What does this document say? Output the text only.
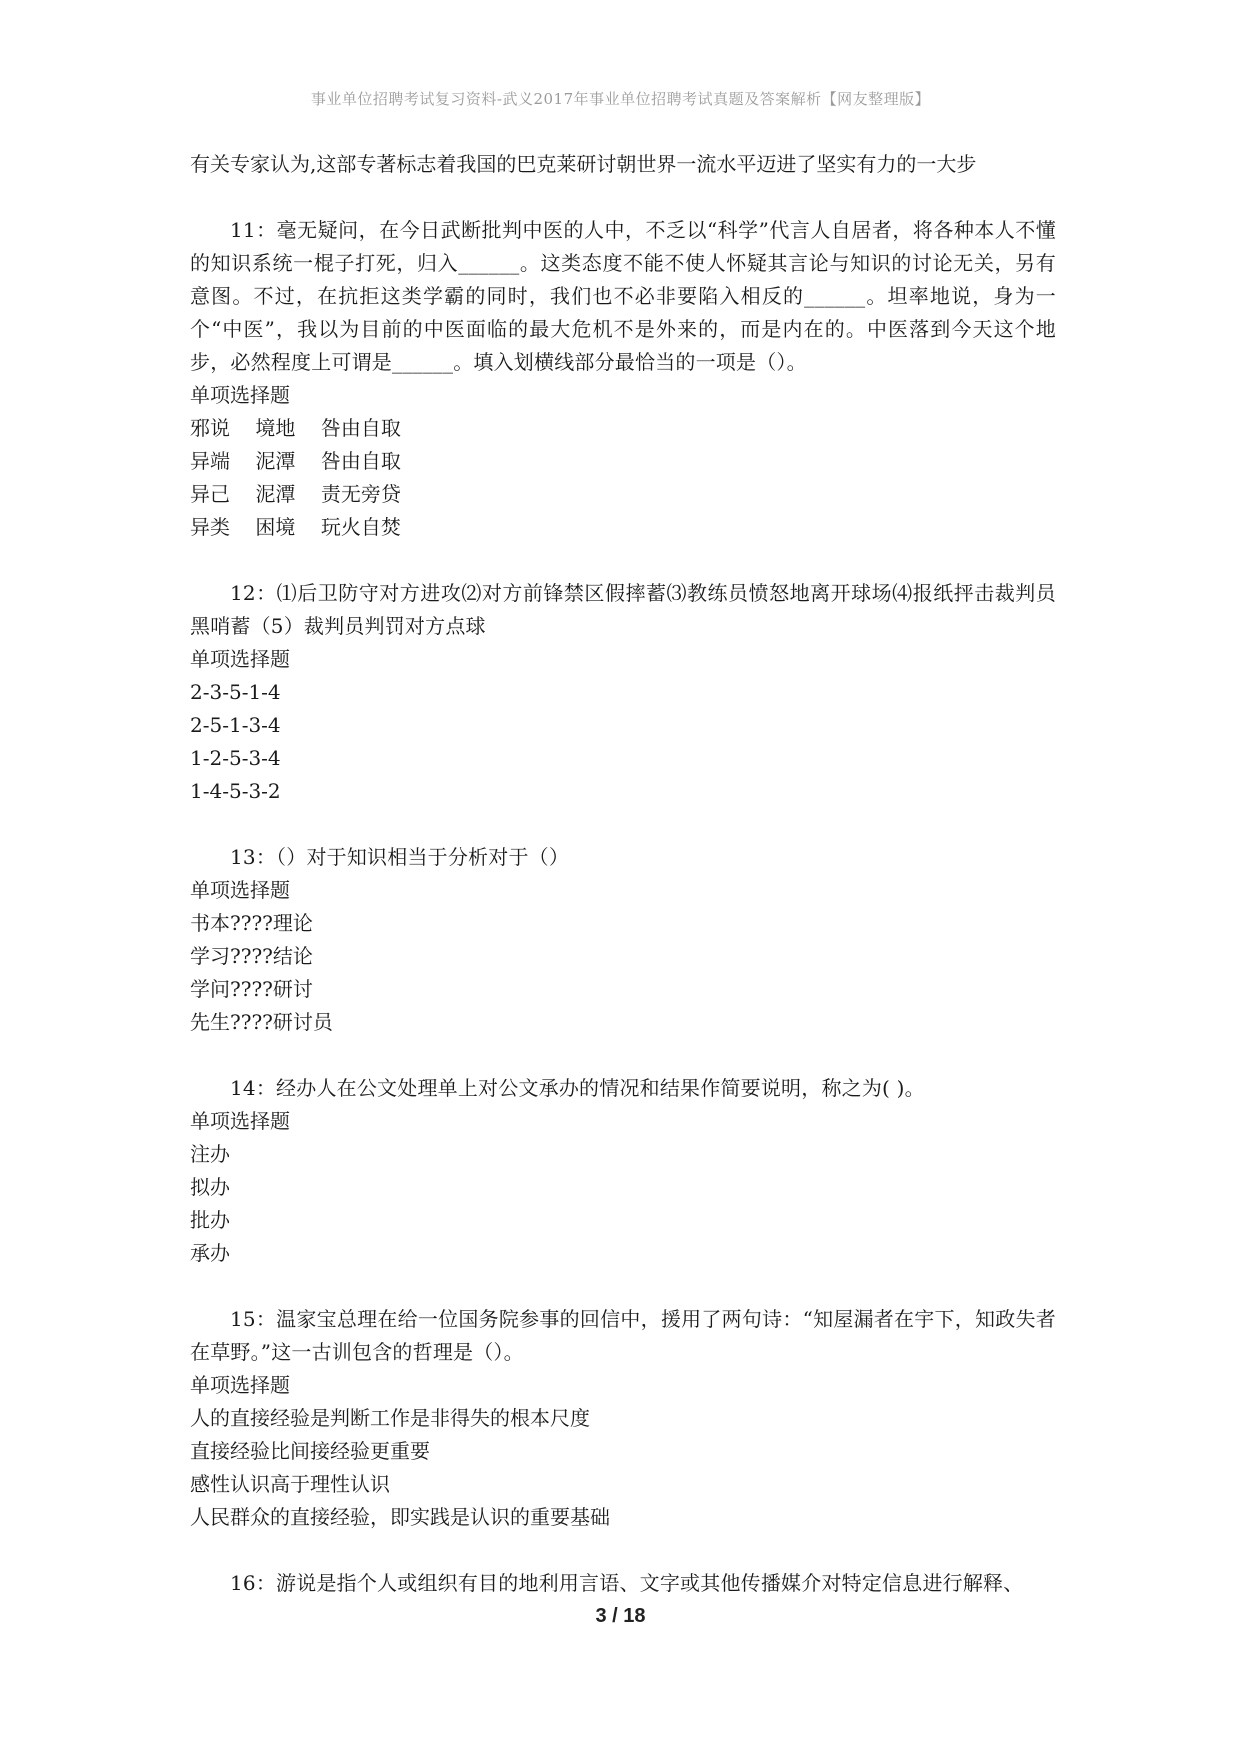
事业单位招聘考试复习资料-武义2017年事业单位招聘考试真题及答案解析【网友整理版】
有关专家认为,这部专著标志着我国的巴克莱研讨朝世界一流水平迈进了坚实有力的一大步
11：毫无疑问，在今日武断批判中医的人中，不乏以“科学”代言人自居者，将各种本人不懂的知识系统一棍子打死，归入______。这类态度不能不使人怀疑其言论与知识的讨论无关，另有意图。不过，在抗拒这类学霸的同时，我们也不必非要陷入相反的______。坦率地说，身为一个“中医”，我以为目前的中医面临的最大危机不是外来的，而是内在的。中医落到今天这个地步，必然程度上可谓是______。填入划横线部分最恰当的一项是（）。
单项选择题
邪说    境地    咎由自取
异端    泥潭    咎由自取
异己    泥潭    责无旁贷
异类    困境    玩火自焚
12：⑴后卫防守对方进攻⑵对方前锋禁区假摔蓄⑶教练员愤怒地离开球场⑷报纸抨击裁判员黑哨蓄（5）裁判员判罚对方点球
单项选择题
2-3-5-1-4
2-5-1-3-4
1-2-5-3-4
1-4-5-3-2
13：（）对于知识相当于分析对于（）
单项选择题
书本????理论
学习????结论
学问????研讨
先生????研讨员
14：经办人在公文处理单上对公文承办的情况和结果作简要说明，称之为( )。
单项选择题
注办
拟办
批办
承办
15：温家宝总理在给一位国务院参事的回信中，援用了两句诗：“知屋漏者在宇下，知政失者在草野。”这一古训包含的哲理是（）。
单项选择题
人的直接经验是判断工作是非得失的根本尺度
直接经验比间接经验更重要
感性认识高于理性认识
人民群众的直接经验，即实践是认识的重要基础
16：游说是指个人或组织有目的地利用言语、文字或其他传播媒介对特定信息进行解释、
3 / 18
